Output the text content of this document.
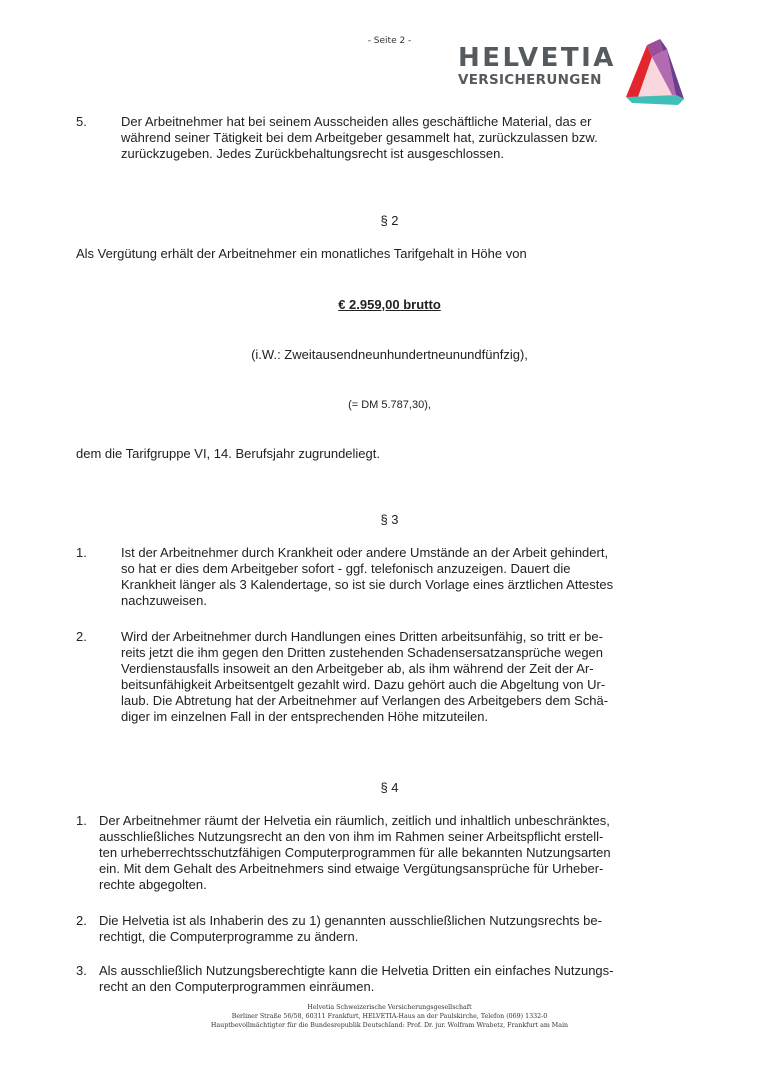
- Seite 2 -
HELVETIA
VERSICHERUNGEN
5.	Der Arbeitnehmer hat bei seinem Ausscheiden alles geschäftliche Material, das er
während seiner Tätigkeit bei dem Arbeitgeber gesammelt hat, zurückzulassen bzw.
zurückzugeben. Jedes Zurückbehaltungsrecht ist ausgeschlossen.
§ 2
Als Vergütung erhält der Arbeitnehmer ein monatliches Tarifgehalt in Höhe von
€ 2.959,00 brutto
(i.W.: Zweitausendneunhundertneunundfünfzig),
(= DM 5.787,30),
dem die Tarifgruppe VI, 14. Berufsjahr zugrundeliegt.
§ 3
1.	Ist der Arbeitnehmer durch Krankheit oder andere Umstände an der Arbeit gehindert,
so hat er dies dem Arbeitgeber sofort - ggf. telefonisch anzuzeigen. Dauert die
Krankheit länger als 3 Kalendertage, so ist sie durch Vorlage eines ärztlichen Attestes
nachzuweisen.
2.	Wird der Arbeitnehmer durch Handlungen eines Dritten arbeitsunfähig, so tritt er be-
reits jetzt die ihm gegen den Dritten zustehenden Schadensersatzansprüche wegen
Verdienstausfalls insoweit an den Arbeitgeber ab, als ihm während der Zeit der Ar-
beitsunfähigkeit Arbeitsentgelt gezahlt wird. Dazu gehört auch die Abgeltung von Ur-
laub. Die Abtretung hat der Arbeitnehmer auf Verlangen des Arbeitgebers dem Schä-
diger im einzelnen Fall in der entsprechenden Höhe mitzuteilen.
§ 4
1. Der Arbeitnehmer räumt der Helvetia ein räumlich, zeitlich und inhaltlich unbeschränktes,
ausschließliches Nutzungsrecht an den von ihm im Rahmen seiner Arbeitspflicht erstell-
ten urheberrechtsschutzfähigen Computerprogrammen für alle bekannten Nutzungsarten
ein. Mit dem Gehalt des Arbeitnehmers sind etwaige Vergütungsansprüche für Urheber-
rechte abgegolten.
2. Die Helvetia ist als Inhaberin des zu 1) genannten ausschließlichen Nutzungsrechts be-
rechtigt, die Computerprogramme zu ändern.
3. Als ausschließlich Nutzungsberechtigte kann die Helvetia Dritten ein einfaches Nutzungs-
recht an den Computerprogrammen einräumen.
Helvetia Schweizerische Versicherungsgesellschaft
Berliner Straße 56/58, 60311 Frankfurt, HELVETIA-Haus an der Paulskirche, Telefon (069) 1332-0
Hauptbevollmächtigter für die Bundesrepublik Deutschland: Prof. Dr. jur. Wolfram Wrabetz, Frankfurt am Main
